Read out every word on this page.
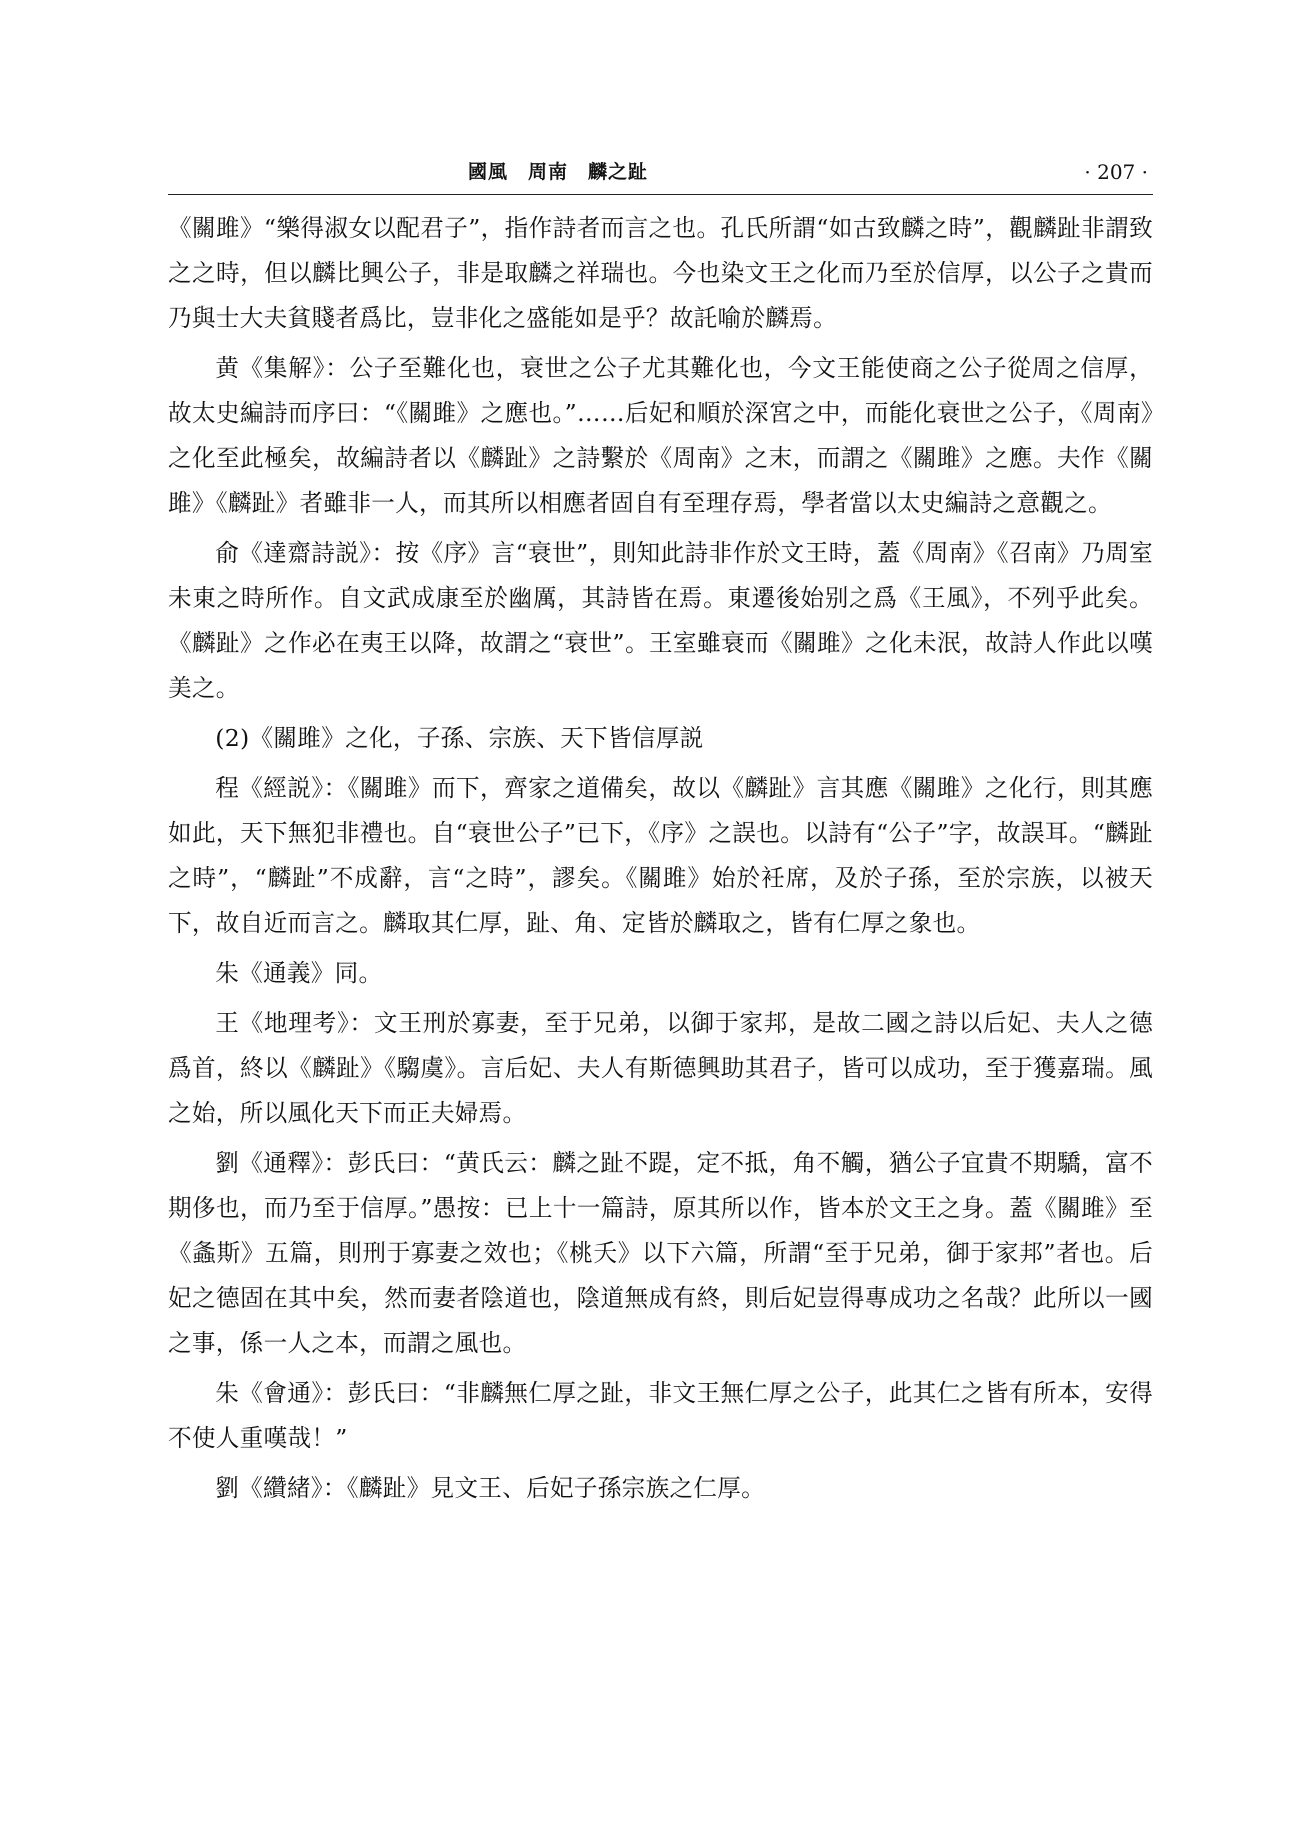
國風　周南　麟之趾	· 207 ·

《關雎》“樂得淑女以配君子”，指作詩者而言之也。孔氏所謂“如古致麟之時”，觀麟趾非謂致之之時，但以麟比興公子，非是取麟之祥瑞也。今也染文王之化而乃至於信厚，以公子之貴而乃與士大夫貧賤者爲比，豈非化之盛能如是乎？故託喻於麟焉。

黄《集解》：公子至難化也，衰世之公子尤其難化也，今文王能使商之公子從周之信厚，故太史編詩而序曰：“《關雎》之應也。”……后妃和順於深宮之中，而能化衰世之公子，《周南》之化至此極矣，故編詩者以《麟趾》之詩繫於《周南》之末，而謂之《關雎》之應。夫作《關雎》《麟趾》者雖非一人，而其所以相應者固自有至理存焉，學者當以太史編詩之意觀之。

俞《達齋詩説》：按《序》言“衰世”，則知此詩非作於文王時，蓋《周南》《召南》乃周室未東之時所作。自文武成康至於幽厲，其詩皆在焉。東遷後始别之爲《王風》，不列乎此矣。《麟趾》之作必在夷王以降，故謂之“衰世”。王室雖衰而《關雎》之化未泯，故詩人作此以嘆美之。

(2)《關雎》之化，子孫、宗族、天下皆信厚説

程《經説》：《關雎》而下，齊家之道備矣，故以《麟趾》言其應《關雎》之化行，則其應如此，天下無犯非禮也。自“衰世公子”已下，《序》之誤也。以詩有“公子”字，故誤耳。“麟趾之時”，“麟趾”不成辭，言“之時”，謬矣。《關雎》始於衽席，及於子孫，至於宗族，以被天下，故自近而言之。麟取其仁厚，趾、角、定皆於麟取之，皆有仁厚之象也。

朱《通義》同。

王《地理考》：文王刑於寡妻，至于兄弟，以御于家邦，是故二國之詩以后妃、夫人之德爲首，終以《麟趾》《騶虞》。言后妃、夫人有斯德興助其君子，皆可以成功，至于獲嘉瑞。風之始，所以風化天下而正夫婦焉。

劉《通釋》：彭氏曰：“黄氏云：麟之趾不踶，定不抵，角不觸，猶公子宜貴不期驕，富不期侈也，而乃至于信厚。”愚按：已上十一篇詩，原其所以作，皆本於文王之身。蓋《關雎》至《螽斯》五篇，則刑于寡妻之效也；《桃夭》以下六篇，所謂“至于兄弟，御于家邦”者也。后妃之德固在其中矣，然而妻者陰道也，陰道無成有終，則后妃豈得專成功之名哉？此所以一國之事，係一人之本，而謂之風也。

朱《會通》：彭氏曰：“非麟無仁厚之趾，非文王無仁厚之公子，此其仁之皆有所本，安得不使人重嘆哉！”

劉《纘緒》：《麟趾》見文王、后妃子孫宗族之仁厚。
